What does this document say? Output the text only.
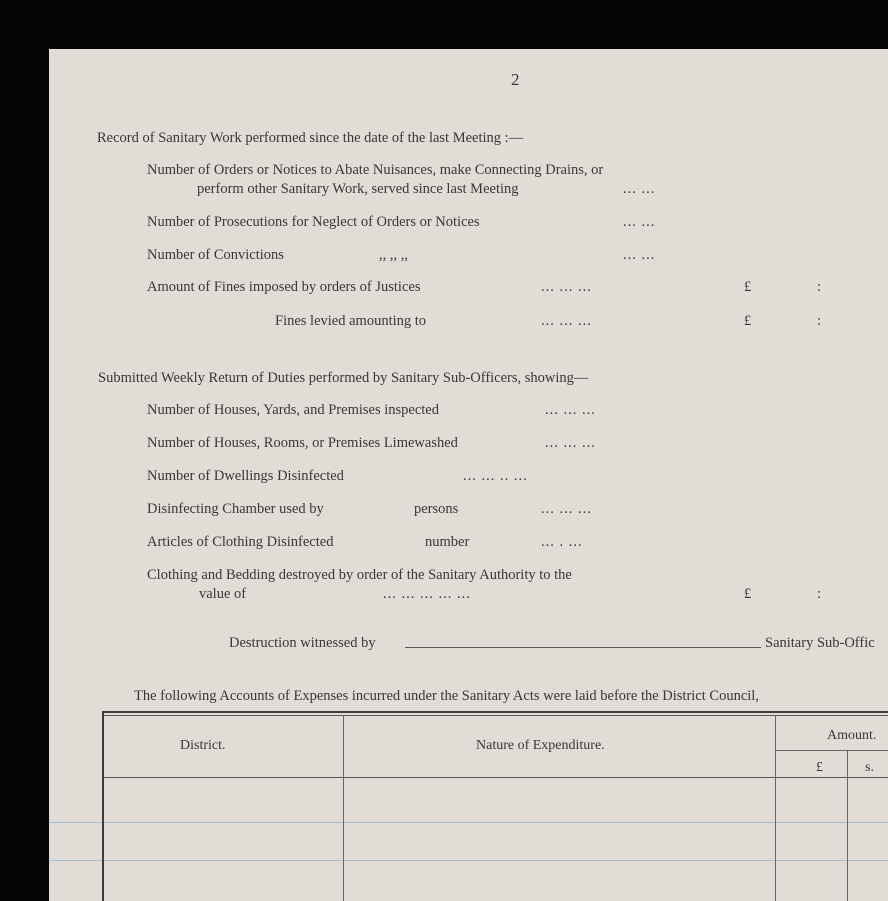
2
Record of Sanitary Work performed since the date of the last Meeting :—
Number of Orders or Notices to Abate Nuisances, make Connecting Drains, or
perform other Sanitary Work, served since last Meeting	... ...
Number of Prosecutions for Neglect of Orders or Notices	... ...
Number of Convictions	,, ,, ,,	... ...
Amount of Fines imposed by orders of Justices	... ... ...	£	:
Fines levied amounting to	... ... ...	£	:
Submitted Weekly Return of Duties performed by Sanitary Sub-Officers, showing—
Number of Houses, Yards, and Premises inspected	... ... ...
Number of Houses, Rooms, or Premises Limewashed	... ... ...
Number of Dwellings Disinfected	... ... .. ...
Disinfecting Chamber used by	persons	... ... ...
Articles of Clothing Disinfected	number	... . ...
Clothing and Bedding destroyed by order of the Sanitary Authority to the
value of	... ... ... ... ...	£	:
Destruction witnessed by	Sanitary Sub-Offic
The following Accounts of Expenses incurred under the Sanitary Acts were laid before the District Council,
District.	Nature of Expenditure.
Amount.
£	s.
